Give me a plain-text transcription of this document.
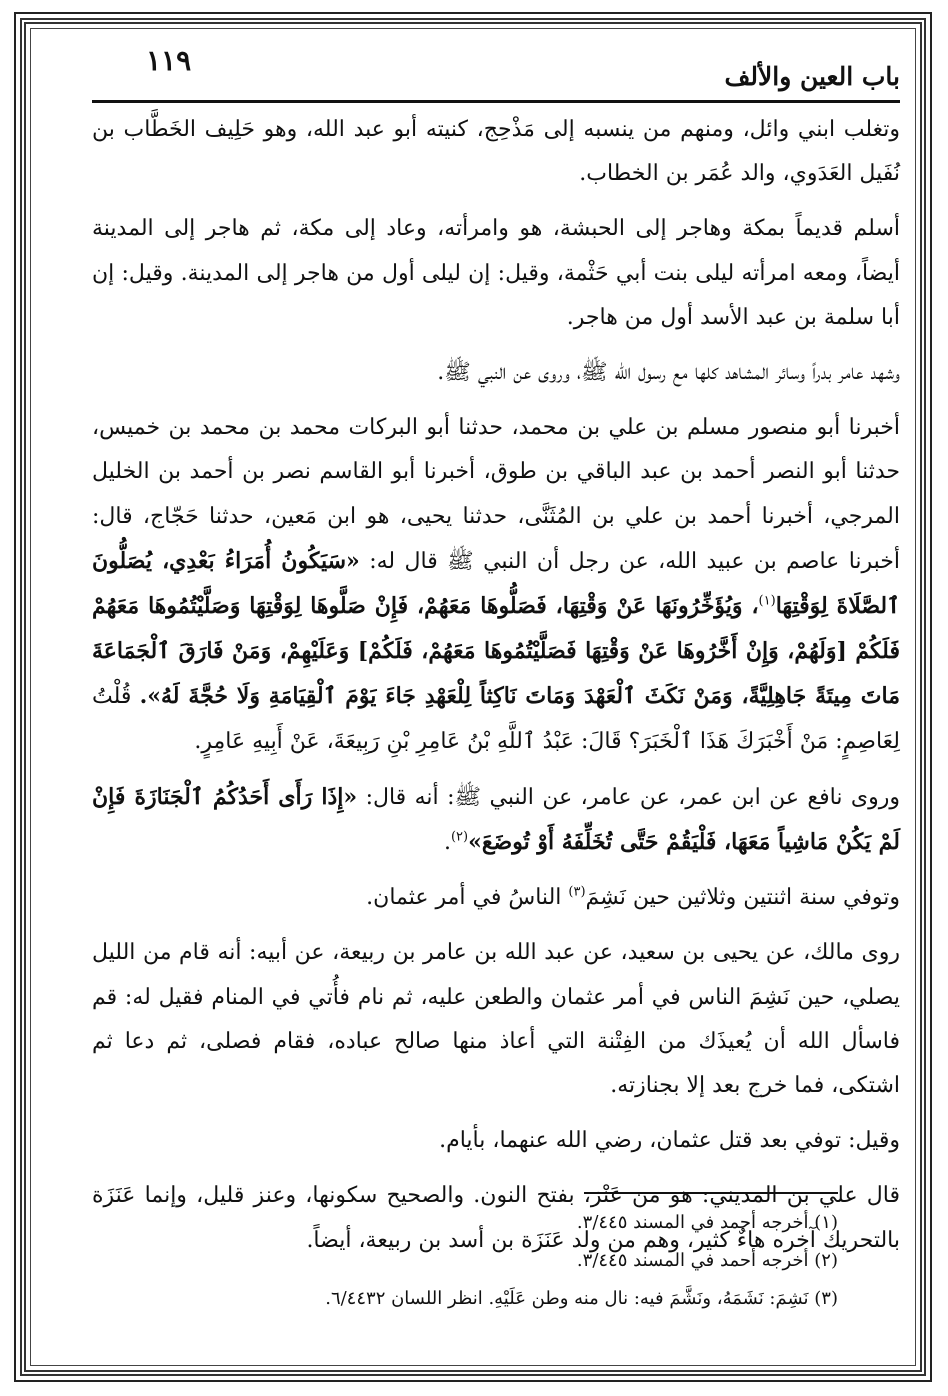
١١٩	باب العين والألف

وتغلب ابني وائل، ومنهم من ينسبه إلى مَذْحِج، كنيته أبو عبد الله، وهو حَلِيف الخَطَّاب بن نُفَيل العَدَوي، والد عُمَر بن الخطاب.

أسلم قديماً بمكة وهاجر إلى الحبشة، هو وامرأته، وعاد إلى مكة، ثم هاجر إلى المدينة أيضاً، ومعه امرأته ليلى بنت أبي حَثْمة، وقيل: إن ليلى أول من هاجر إلى المدينة. وقيل: إن أبا سلمة بن عبد الأسد أول من هاجر.

وشهد عامر بدراً وسائر المشاهد كلها مع رسول الله ﷺ، وروى عن النبي ﷺ.

أخبرنا أبو منصور مسلم بن علي بن محمد، حدثنا أبو البركات محمد بن محمد بن خميس، حدثنا أبو النصر أحمد بن عبد الباقي بن طوق، أخبرنا أبو القاسم نصر بن أحمد بن الخليل المرجي، أخبرنا أحمد بن علي بن المُثَنَّى، حدثنا يحيى، هو ابن مَعين، حدثنا حَجّاج، قال: أخبرنا عاصم بن عبيد الله، عن رجل أن النبي ﷺ قال له: «سَيَكُونُ أُمَرَاءُ بَعْدِي، يُصَلُّونَ ٱلصَّلَاةَ لِوَقْتِهَا$^{(١)}$، وَيُؤَخِّرُونَهَا عَنْ وَقْتِهَا، فَصَلُّوهَا مَعَهُمْ، فَإِنْ صَلَّوهَا لِوَقْتِهَا وَصَلَّيْتُمُوهَا مَعَهُمْ فَلَكُمْ [وَلَهُمْ، وَإِنْ أَخَّرُوهَا عَنْ وَقْتِهَا فَصَلَّيْتُمُوهَا مَعَهُمْ، فَلَكُمْ] وَعَلَيْهِمْ، وَمَنْ فَارَقَ ٱلْجَمَاعَةَ مَاتَ مِيتَةً جَاهِلِيَّةً، وَمَنْ نَكَثَ ٱلْعَهْدَ وَمَاتَ نَاكِثاً لِلْعَهْدِ جَاءَ يَوْمَ ٱلْقِيَامَةِ وَلَا حُجَّةَ لَهُ». قُلْتُ لِعَاصِمٍ: مَنْ أَخْبَرَكَ هَذَا ٱلْخَبَرَ؟ قَالَ: عَبْدُ ٱللَّهِ بْنُ عَامِرِ بْنِ رَبِيعَةَ، عَنْ أَبِيهِ عَامِرٍ.

وروى نافع عن ابن عمر، عن عامر، عن النبي ﷺ: أنه قال: «إِذَا رَأَى أَحَدُكُمُ ٱلْجَنَازَةَ فَإِنْ لَمْ يَكُنْ مَاشِياً مَعَهَا، فَلْيَقُمْ حَتَّى تُخَلِّفَهُ أَوْ تُوضَعَ»$^{(٢)}$.

وتوفي سنة اثنتين وثلاثين حين نَشِمَ$^{(٣)}$ الناسُ في أمر عثمان.

روى مالك، عن يحيى بن سعيد، عن عبد الله بن عامر بن ربيعة، عن أبيه: أنه قام من الليل يصلي، حين نَشِمَ الناس في أمر عثمان والطعن عليه، ثم نام فأُتي في المنام فقيل له: قم فاسأل الله أن يُعيذَك من الفِتْنة التي أعاذ منها صالح عباده، فقام فصلى، ثم دعا ثم اشتكى، فما خرج بعد إلا بجنازته.

وقيل: توفي بعد قتل عثمان، رضي الله عنهما، بأيام.

قال علي بن المديني: هو من عَنْز، بفتح النون. والصحيح سكونها، وعنز قليل، وإنما عَنَزَة بالتحريك آخره هاءٌ كثير، وهم من ولد عَنَزَة بن أسد بن ربيعة، أيضاً.

(١) أخرجه أحمد في المسند ٣/٤٤٥.
(٢) أخرجه أحمد في المسند ٣/٤٤٥.
(٣) نَشِمَ: نَشَمَهُ، ونَشَّمَ فيه: نال منه وطن عَلَيْهِ. انظر اللسان ٦/٤٤٣٢.
